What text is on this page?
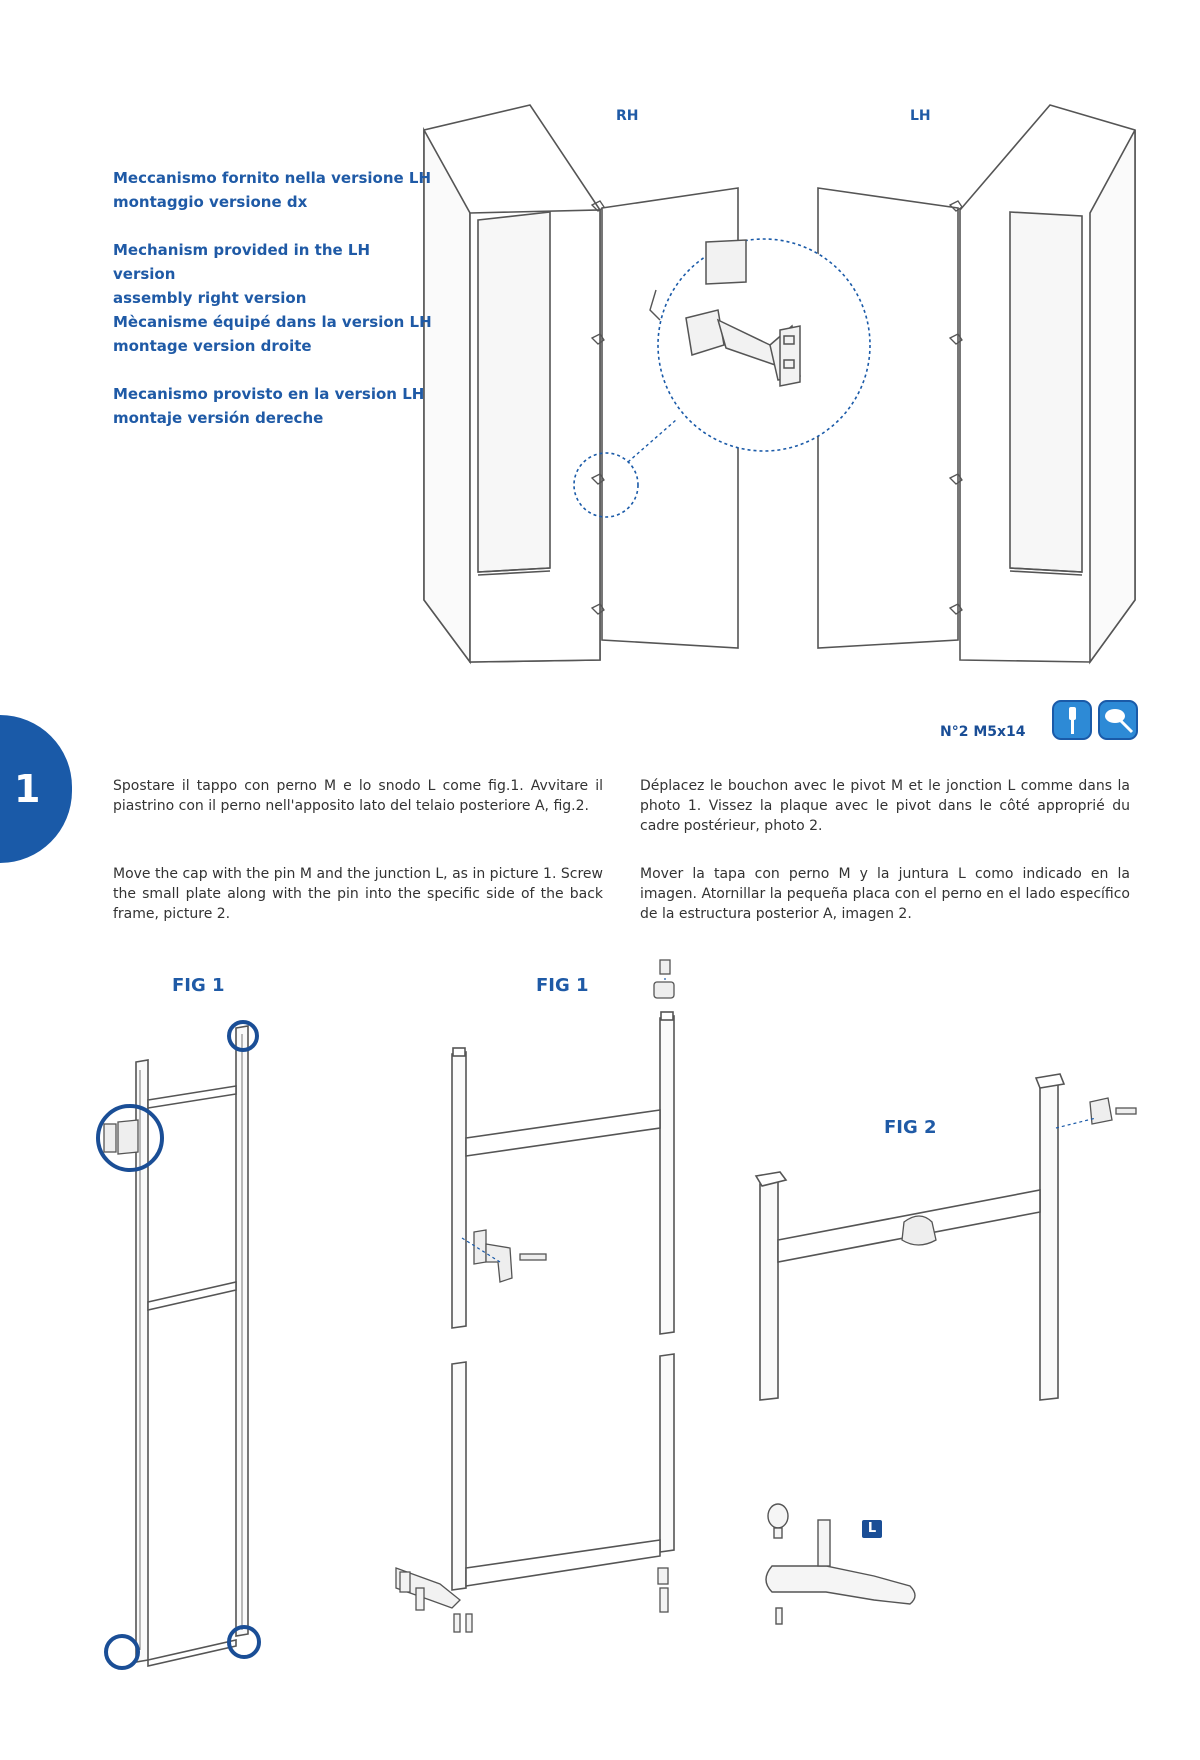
RH	LH
Meccanismo fornito nella versione LH
montaggio versione dx
Mechanism provided in the LH version
assembly right version
Mècanisme équipé dans la version LH
montage version droite
Mecanismo provisto en la version LH
montaje versión dereche
N°2 M5x14
1	Spostare il tappo con perno M e lo snodo L come fig.1. Avvitare il piastrino con il perno nell'apposito lato del telaio posteriore A, fig.2.
Move the cap with the pin M and the junction L, as in picture 1. Screw the small plate along with the pin into the specific side of the back frame, picture 2.
Déplacez le bouchon avec le pivot M et le jonction L comme dans la photo 1. Vissez la plaque avec le pivot dans le côté approprié du cadre postérieur, photo 2.
Mover la tapa con perno M y la juntura L como indicado en la imagen. Atornillar la pequeña placa con el perno en el lado específico de la estructura posterior A, imagen 2.
FIG 1	FIG 1
FIG 2
L
